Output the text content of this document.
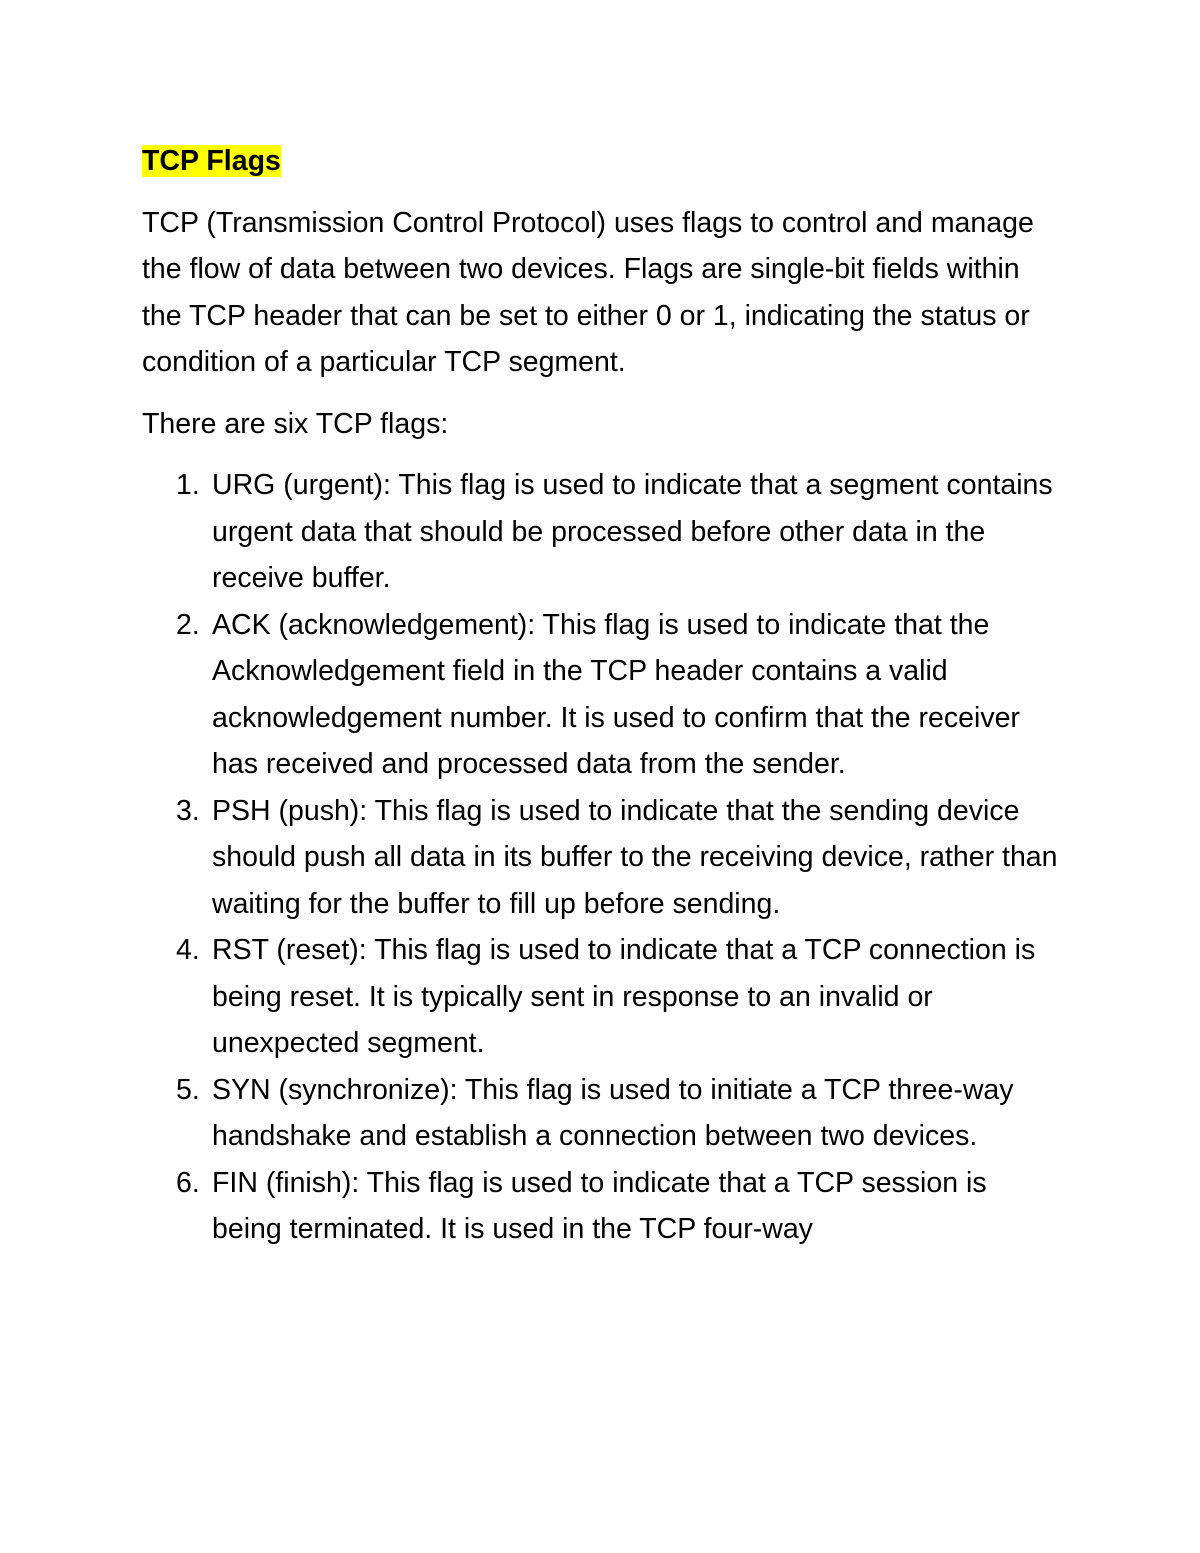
TCP Flags

TCP (Transmission Control Protocol) uses flags to control and manage the flow of data between two devices. Flags are single-bit fields within the TCP header that can be set to either 0 or 1, indicating the status or condition of a particular TCP segment.

There are six TCP flags:

1. URG (urgent): This flag is used to indicate that a segment contains urgent data that should be processed before other data in the receive buffer.
2. ACK (acknowledgement): This flag is used to indicate that the Acknowledgement field in the TCP header contains a valid acknowledgement number. It is used to confirm that the receiver has received and processed data from the sender.
3. PSH (push): This flag is used to indicate that the sending device should push all data in its buffer to the receiving device, rather than waiting for the buffer to fill up before sending.
4. RST (reset): This flag is used to indicate that a TCP connection is being reset. It is typically sent in response to an invalid or unexpected segment.
5. SYN (synchronize): This flag is used to initiate a TCP three-way handshake and establish a connection between two devices.
6. FIN (finish): This flag is used to indicate that a TCP session is being terminated. It is used in the TCP four-way
